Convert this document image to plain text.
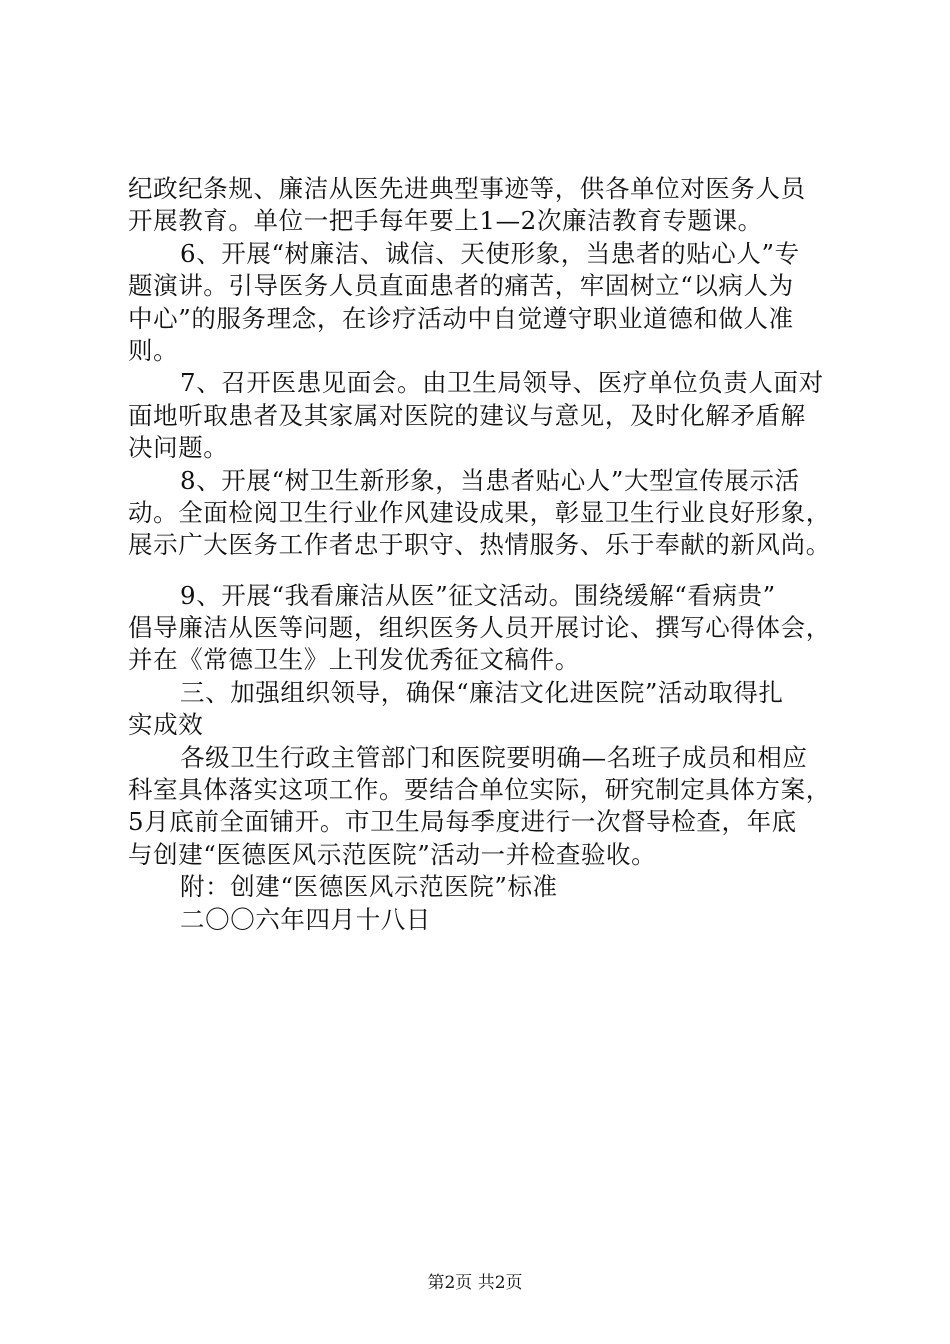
纪政纪条规、廉洁从医先进典型事迹等，供各单位对医务人员
开展教育。单位一把手每年要上1—2次廉洁教育专题课。
6、开展“树廉洁、诚信、天使形象，当患者的贴心人”专
题演讲。引导医务人员直面患者的痛苦，牢固树立“以病人为
中心”的服务理念，在诊疗活动中自觉遵守职业道德和做人准
则。
7、召开医患见面会。由卫生局领导、医疗单位负责人面对
面地听取患者及其家属对医院的建议与意见，及时化解矛盾解
决问题。
8、开展“树卫生新形象，当患者贴心人”大型宣传展示活
动。全面检阅卫生行业作风建设成果，彰显卫生行业良好形象，
展示广大医务工作者忠于职守、热情服务、乐于奉献的新风尚。
9、开展“我看廉洁从医”征文活动。围绕缓解“看病贵”
倡导廉洁从医等问题，组织医务人员开展讨论、撰写心得体会，
并在《常德卫生》上刊发优秀征文稿件。
三、加强组织领导，确保“廉洁文化进医院”活动取得扎
实成效
各级卫生行政主管部门和医院要明确—名班子成员和相应
科室具体落实这项工作。要结合单位实际，研究制定具体方案，
5月底前全面铺开。市卫生局每季度进行一次督导检查，年底
与创建“医德医风示范医院”活动一并检查验收。
附：创建“医德医风示范医院”标准
二〇〇六年四月十八日
第2页 共2页
